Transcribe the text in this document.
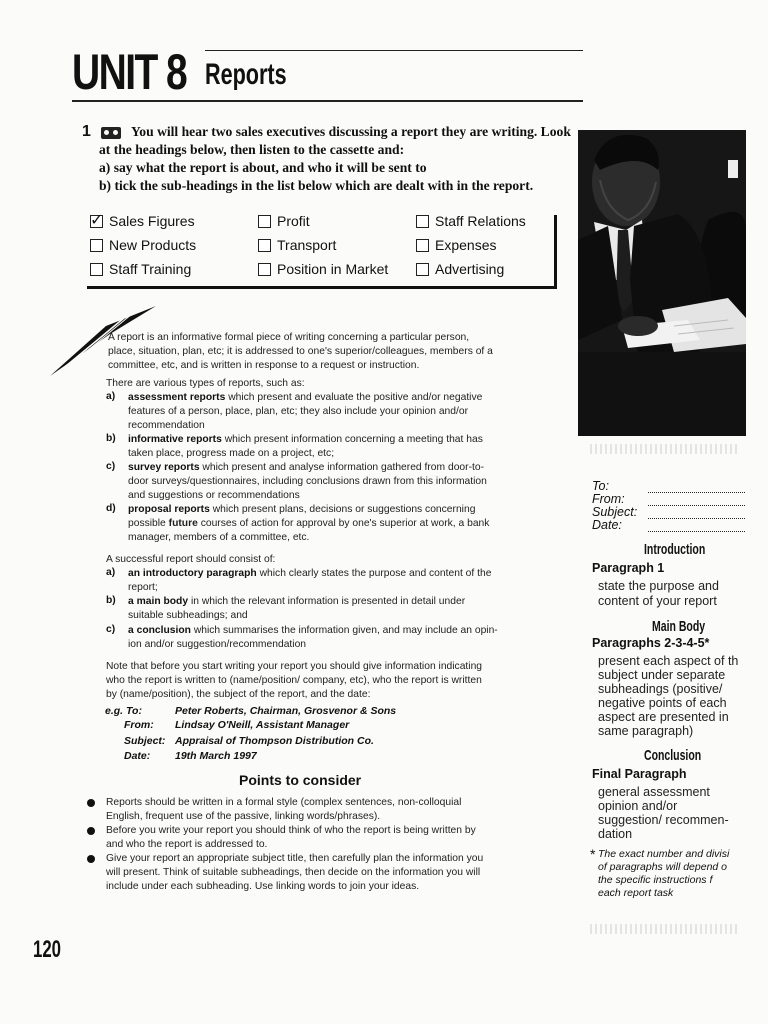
UNIT 8 Reports
1	You will hear two sales executives discussing a report they are writing. Look
at the headings below, then listen to the cassette and:
a) say what the report is about, and who it will be sent to
b) tick the sub-headings in the list below which are dealt with in the report.
✓
Sales Figures	Profit	Staff Relations
New Products	Transport	Expenses
Staff Training	Position in Market	Advertising
A report is an informative formal piece of writing concerning a particular person,
place, situation, plan, etc; it is addressed to one's superior/colleagues, members of a
committee, etc, and is written in response to a request or instruction.
There are various types of reports, such as:
a) assessment reports which present and evaluate the positive and/or negative
features of a person, place, plan, etc; they also include your opinion and/or
recommendation
b) informative reports which present information concerning a meeting that has
taken place, progress made on a project, etc;
c) survey reports which present and analyse information gathered from door-to-
door surveys/questionnaires, including conclusions drawn from this information
and suggestions or recommendations
d) proposal reports which present plans, decisions or suggestions concerning
possible future courses of action for approval by one's superior at work, a bank
manager, members of a committee, etc.
A successful report should consist of:
a) an introductory paragraph which clearly states the purpose and content of the
report;
b) a main body in which the relevant information is presented in detail under
suitable subheadings; and
c) a conclusion which summarises the information given, and may include an opin-
ion and/or suggestion/recommendation
Note that before you start writing your report you should give information indicating
who the report is written to (name/position/ company, etc), who the report is written
by (name/position), the subject of the report, and the date:
e.g. To:	Peter Roberts, Chairman, Grosvenor & Sons
From: Lindsay O'Neill, Assistant Manager
Subject: Appraisal of Thompson Distribution Co.
Date: 19th March 1997
Points to consider
Reports should be written in a formal style (complex sentences, non-colloquial
English, frequent use of the passive, linking words/phrases).
Before you write your report you should think of who the report is being written by
and who the report is addressed to.
Give your report an appropriate subject title, then carefully plan the information you
will present. Think of suitable subheadings, then decide on the information you will
include under each subheading. Use linking words to join your ideas.
120
To:
From:
Subject:
Date:
Introduction
Paragraph 1
state the purpose and
content of your report
Main Body
Paragraphs 2-3-4-5*
present each aspect of th
subject under separate
subheadings (positive/
negative points of each
aspect are presented in
same paragraph)
Conclusion
Final Paragraph
general assessment
opinion and/or
suggestion/ recommen-
dation
* The exact number and divisi
of paragraphs will depend o
the specific instructions f
each report task
